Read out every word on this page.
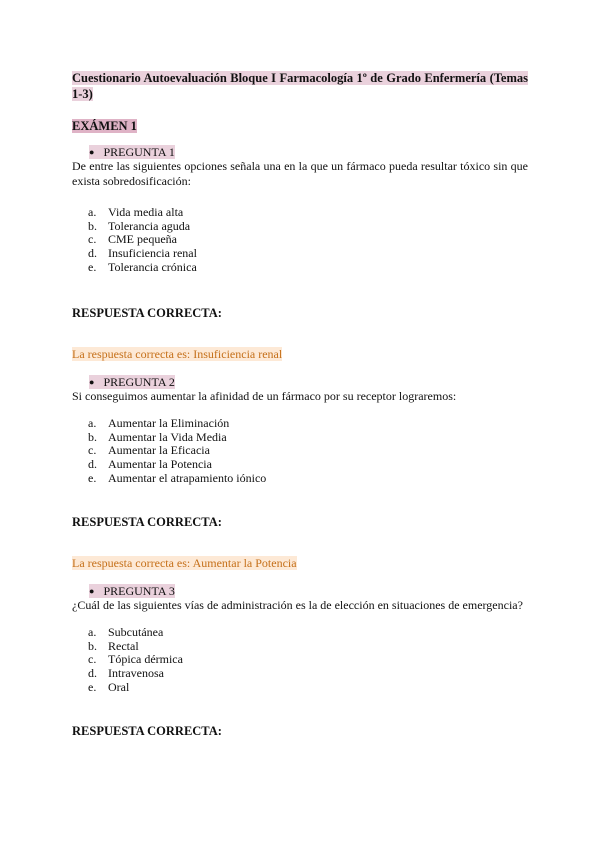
Cuestionario Autoevaluación Bloque I Farmacología 1º de Grado Enfermería (Temas 1-3)
EXÁMEN 1
● PREGUNTA 1
De entre las siguientes opciones señala una en la que un fármaco pueda resultar tóxico sin que exista sobredosificación:
a. Vida media alta
b. Tolerancia aguda
c. CME pequeña
d. Insuficiencia renal
e. Tolerancia crónica
RESPUESTA CORRECTA:
La respuesta correcta es: Insuficiencia renal
● PREGUNTA 2
Si conseguimos aumentar la afinidad de un fármaco por su receptor lograremos:
a. Aumentar la Eliminación
b. Aumentar la Vida Media
c. Aumentar la Eficacia
d. Aumentar la Potencia
e. Aumentar el atrapamiento iónico
RESPUESTA CORRECTA:
La respuesta correcta es: Aumentar la Potencia
● PREGUNTA 3
¿Cuál de las siguientes vías de administración es la de elección en situaciones de emergencia?
a. Subcutánea
b. Rectal
c. Tópica dérmica
d. Intravenosa
e. Oral
RESPUESTA CORRECTA:
